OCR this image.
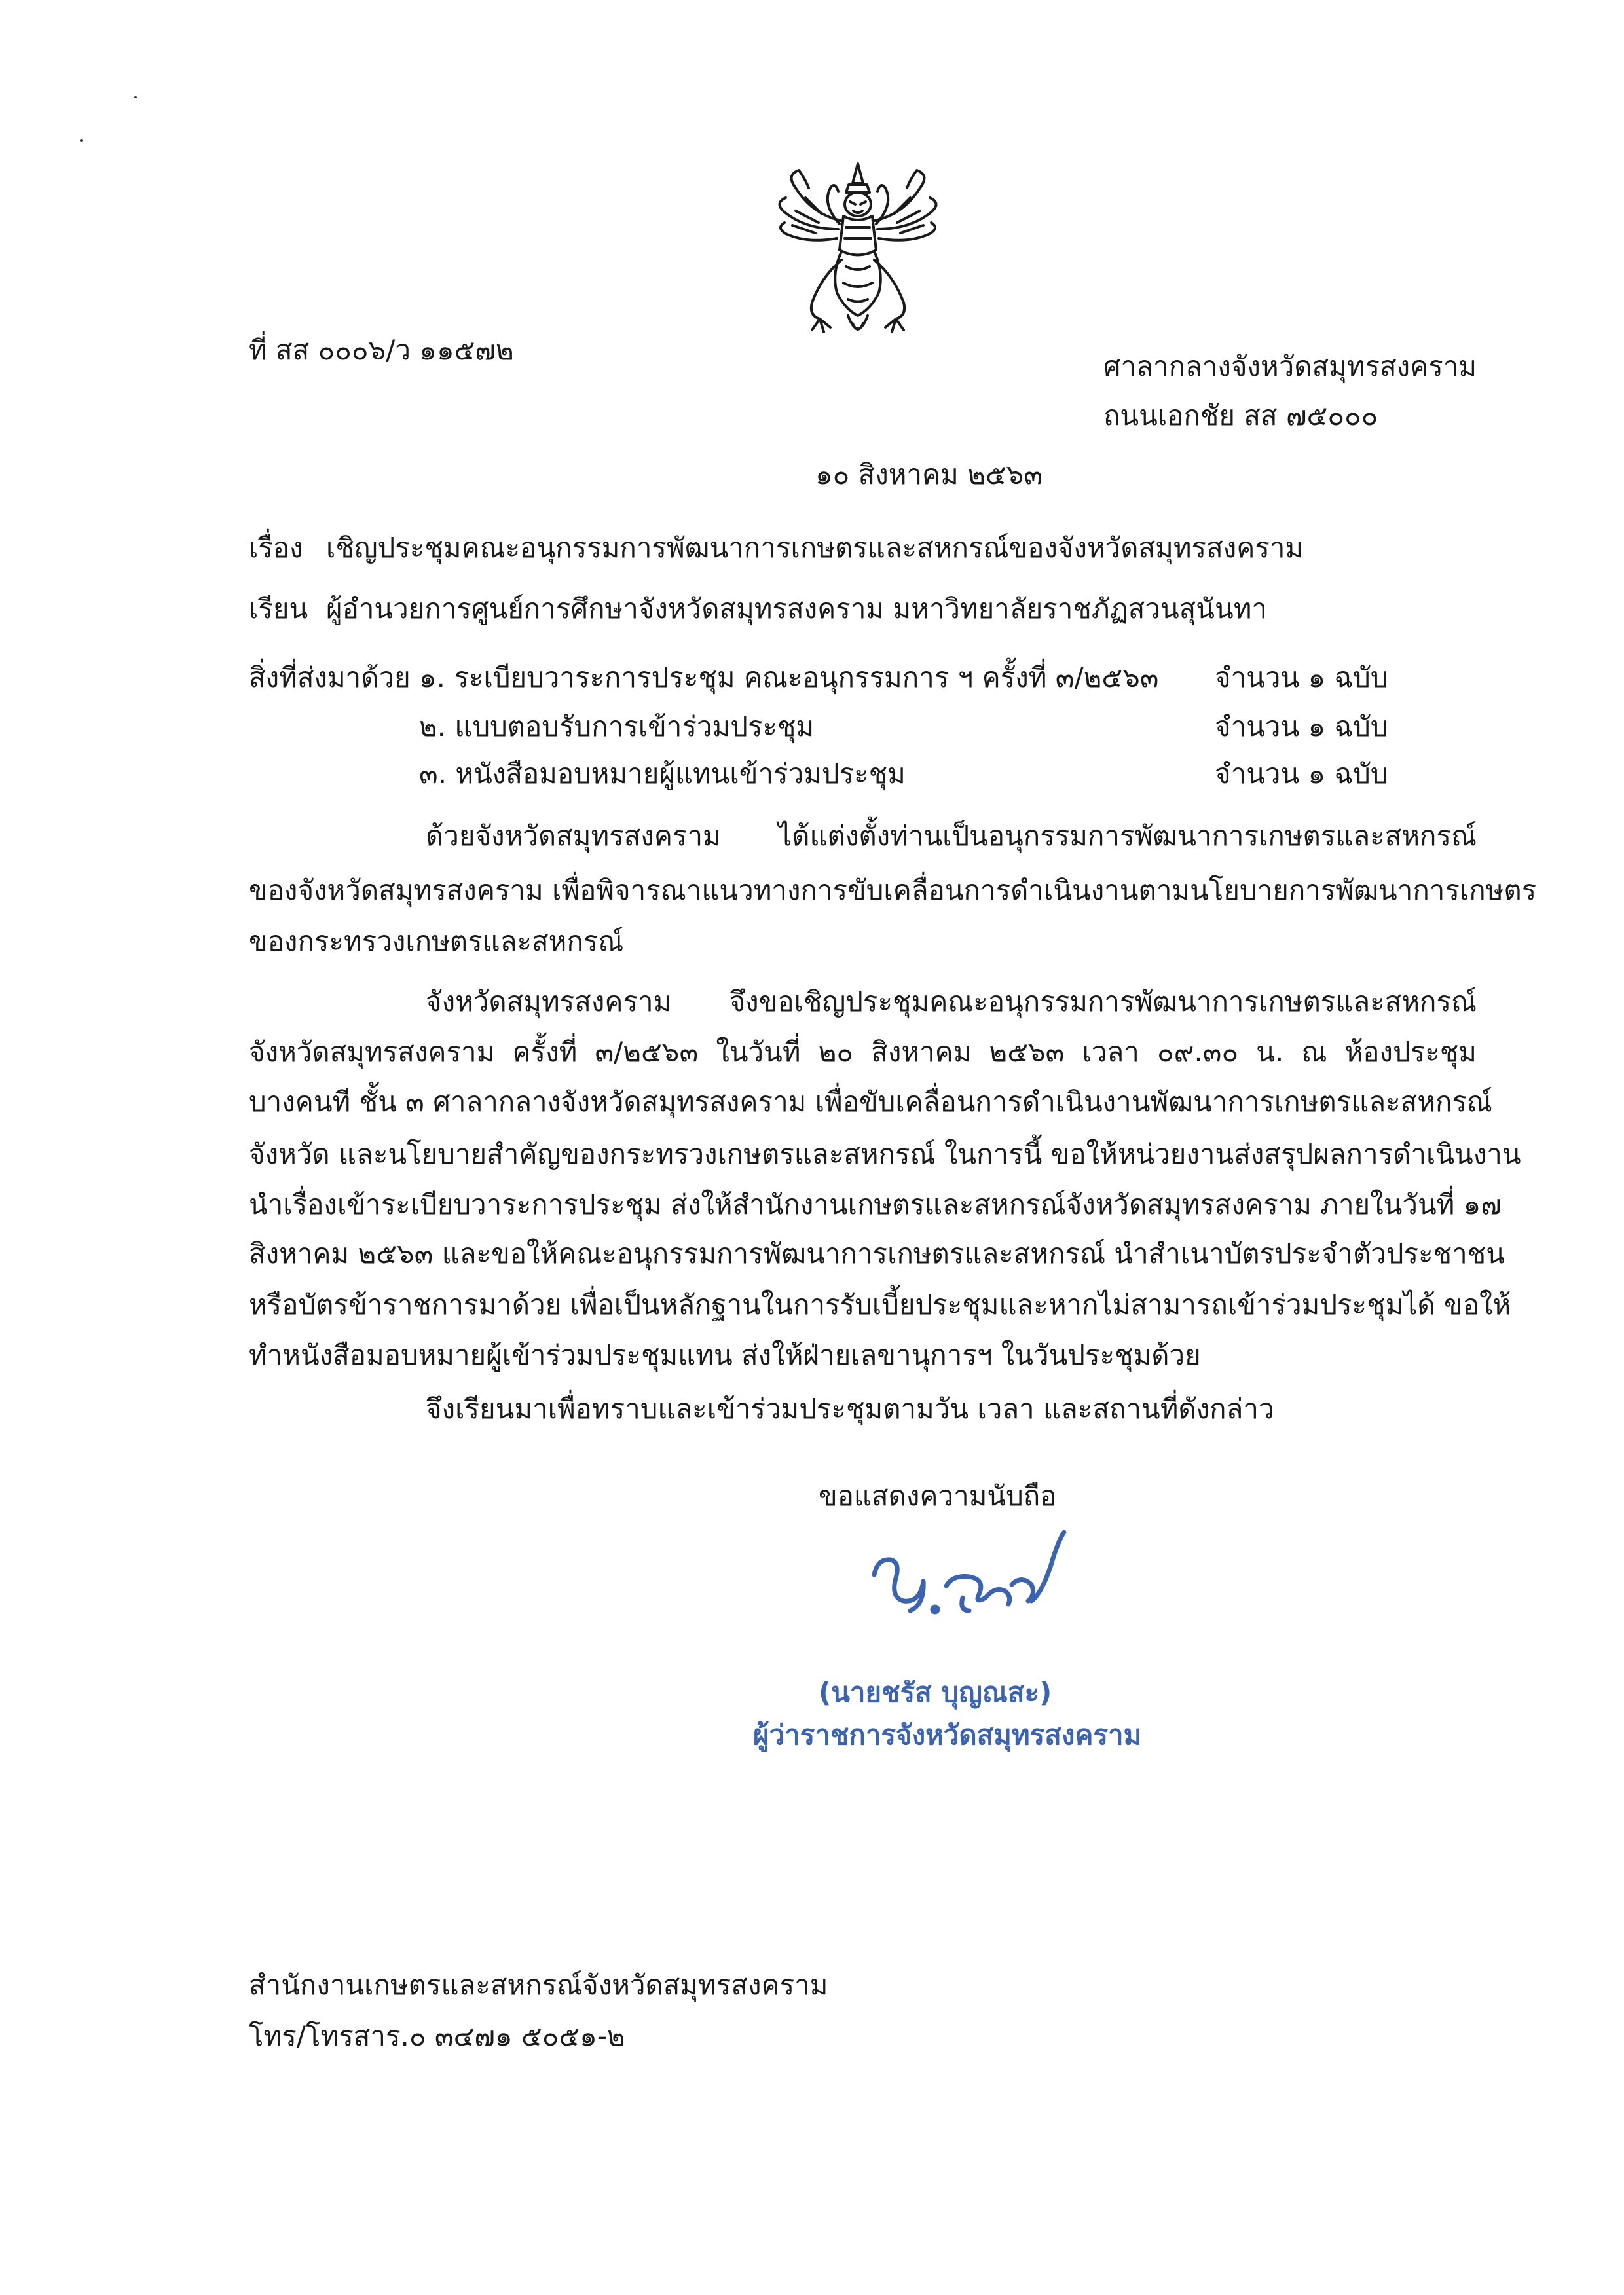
ที่ สส ๐๐๐๖/ว ๑๑๕๗๒
ศาลากลางจังหวัดสมุทรสงคราม
ถนนเอกชัย สส ๗๕๐๐๐
๑๐ สิงหาคม ๒๕๖๓
เรื่อง เชิญประชุมคณะอนุกรรมการพัฒนาการเกษตรและสหกรณ์ของจังหวัดสมุทรสงคราม
เรียน ผู้อำนวยการศูนย์การศึกษาจังหวัดสมุทรสงคราม มหาวิทยาลัยราชภัฏสวนสุนันทา
สิ่งที่ส่งมาด้วย ๑. ระเบียบวาระการประชุม คณะอนุกรรมการ ฯ ครั้งที่ ๓/๒๕๖๓ จำนวน ๑ ฉบับ
๒. แบบตอบรับการเข้าร่วมประชุม	จำนวน ๑ ฉบับ
๓. หนังสือมอบหมายผู้แทนเข้าร่วมประชุม	จำนวน ๑ ฉบับ
ด้วยจังหวัดสมุทรสงคราม ได้แต่งตั้งท่านเป็นอนุกรรมการพัฒนาการเกษตรและสหกรณ์
ของจังหวัดสมุทรสงคราม เพื่อพิจารณาแนวทางการขับเคลื่อนการดำเนินงานตามนโยบายการพัฒนาการเกษตร
ของกระทรวงเกษตรและสหกรณ์
จังหวัดสมุทรสงคราม จึงขอเชิญประชุมคณะอนุกรรมการพัฒนาการเกษตรและสหกรณ์
จังหวัดสมุทรสงคราม ครั้งที่ ๓/๒๕๖๓ ในวันที่ ๒๐ สิงหาคม ๒๕๖๓ เวลา ๐๙.๓๐ น. ณ ห้องประชุม
บางคนที ชั้น ๓ ศาลากลางจังหวัดสมุทรสงคราม เพื่อขับเคลื่อนการดำเนินงานพัฒนาการเกษตรและสหกรณ์
จังหวัด และนโยบายสำคัญของกระทรวงเกษตรและสหกรณ์ ในการนี้ ขอให้หน่วยงานส่งสรุปผลการดำเนินงาน
นำเรื่องเข้าระเบียบวาระการประชุม ส่งให้สำนักงานเกษตรและสหกรณ์จังหวัดสมุทรสงคราม ภายในวันที่ ๑๗
สิงหาคม ๒๕๖๓ และขอให้คณะอนุกรรมการพัฒนาการเกษตรและสหกรณ์ นำสำเนาบัตรประจำตัวประชาชน
หรือบัตรข้าราชการมาด้วย เพื่อเป็นหลักฐานในการรับเบี้ยประชุมและหากไม่สามารถเข้าร่วมประชุมได้ ขอให้
ทำหนังสือมอบหมายผู้เข้าร่วมประชุมแทน ส่งให้ฝ่ายเลขานุการฯ ในวันประชุมด้วย
จึงเรียนมาเพื่อทราบและเข้าร่วมประชุมตามวัน เวลา และสถานที่ดังกล่าว
ขอแสดงความนับถือ
(นายชรัส บุญณสะ)
ผู้ว่าราชการจังหวัดสมุทรสงคราม
สำนักงานเกษตรและสหกรณ์จังหวัดสมุทรสงคราม
โทร/โทรสาร.๐ ๓๔๗๑ ๕๐๕๑-๒
